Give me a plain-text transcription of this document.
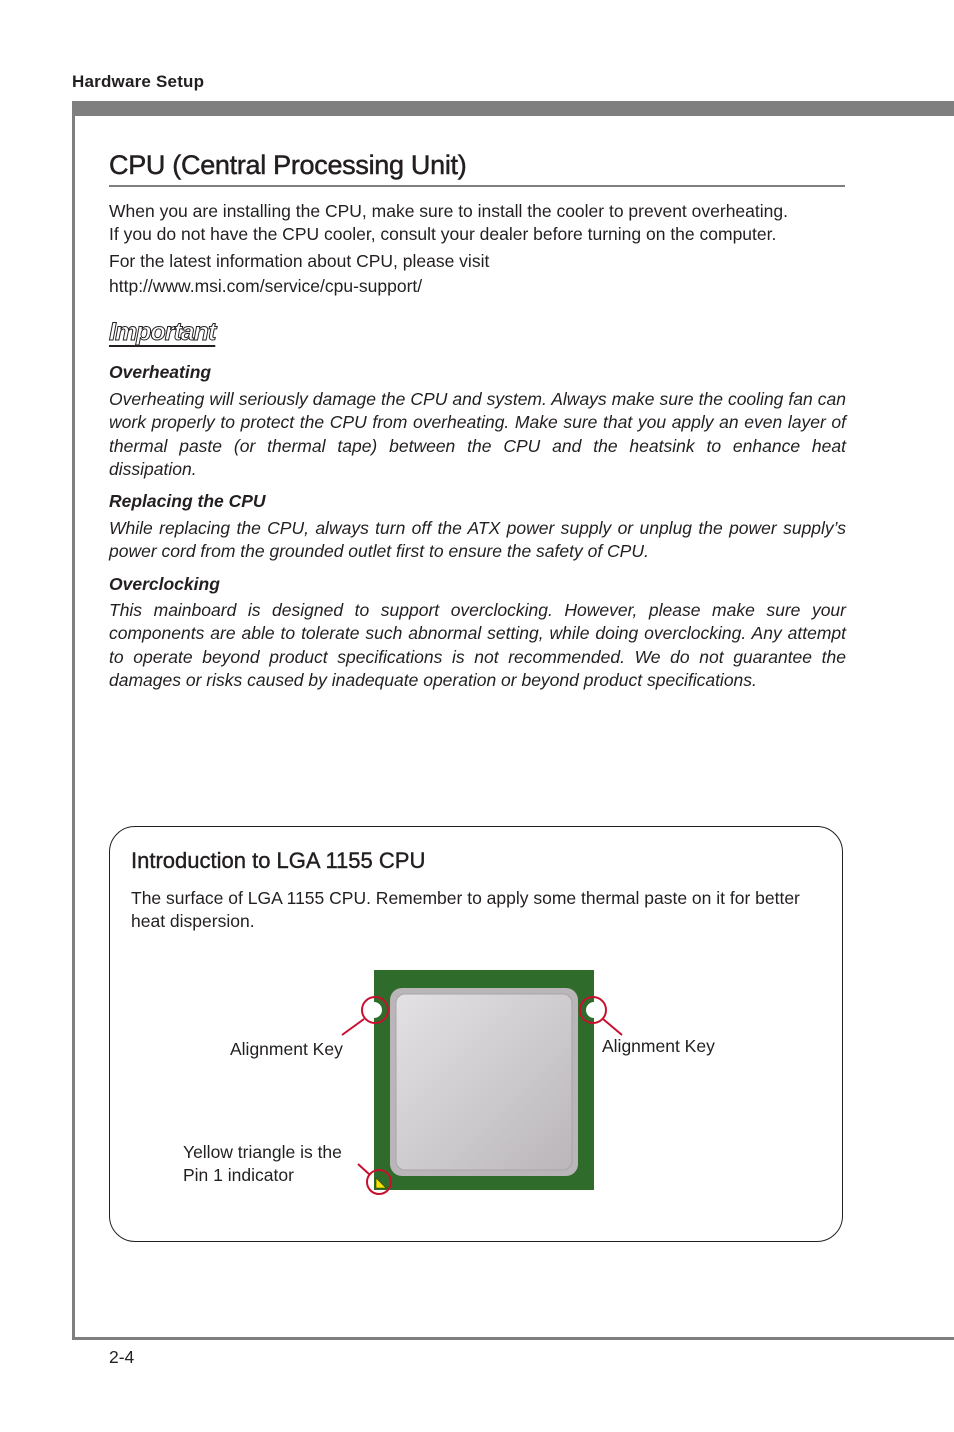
Hardware Setup
CPU (Central Processing Unit)

When you are installing the CPU, make sure to install the cooler to prevent overheating.

If you do not have the CPU cooler, consult your dealer before turning on the computer.

For the latest information about CPU, please visit

http://www.msi.com/service/cpu-support/
Important
Overheating

Overheating will seriously damage the CPU and system. Always make sure the cooling fan can work properly to protect the CPU from overheating. Make sure that you apply an even layer of thermal paste (or thermal tape) between the CPU and the heatsink to enhance heat dissipation.

Replacing the CPU

While replacing the CPU, always turn off the ATX power supply or unplug the power supply’s power cord from the grounded outlet first to ensure the safety of CPU.

Overclocking

This mainboard is designed to support overclocking. However, please make sure your components are able to tolerate such abnormal setting, while doing overclocking. Any attempt to operate beyond product specifications is not recommended. We do not guarantee the damages or risks caused by inadequate operation or beyond product specifications.

Introduction to LGA 1155 CPU

The surface of LGA 1155 CPU. Remember to apply some thermal paste on it for better heat dispersion.

Alignment Key	Alignment Key
Yellow triangle is the
Pin 1 indicator
2-4
